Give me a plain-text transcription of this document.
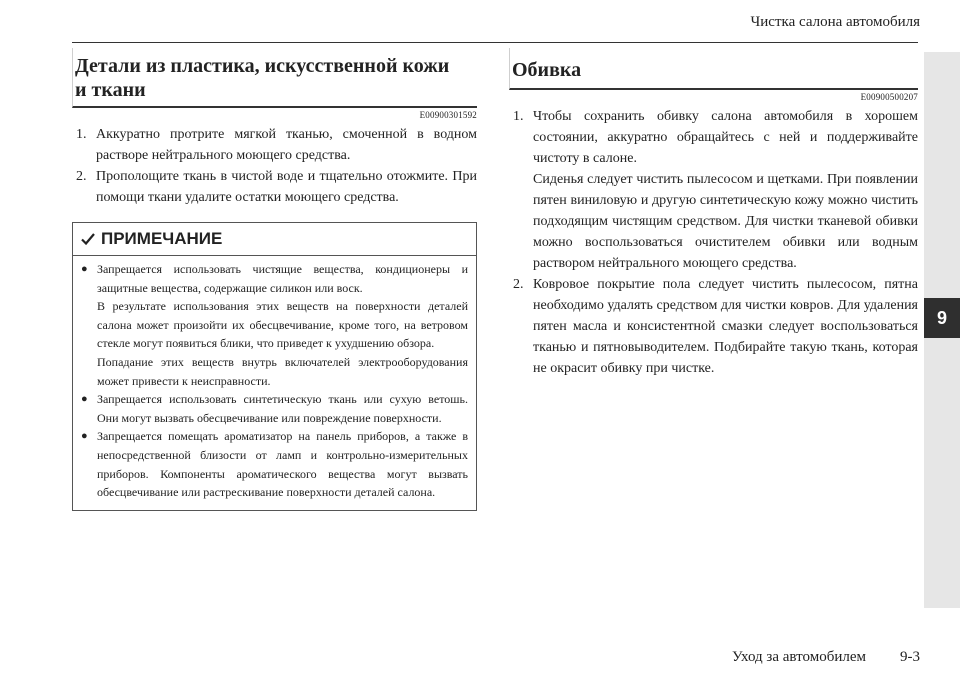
Чистка салона автомобиля
9
Детали из пластика, искусственной кожи
и ткани
E00900301592
1. Аккуратно протрите мягкой тканью, смоченной в водном растворе нейтрального моющего средства.
2. Прополощите ткань в чистой воде и тщательно отожмите. При помощи ткани удалите остатки моющего средства.
ПРИМЕЧАНИЕ
● Запрещается использовать чистящие вещества, кондиционеры и защитные вещества, содержащие силикон или воск.

В результате использования этих веществ на поверхности деталей салона может произойти их обесцвечивание, кроме того, на ветровом стекле могут появиться блики, что приведет к ухудшению обзора.

Попадание этих веществ внутрь включателей электрооборудования может привести к неисправности.

● Запрещается использовать синтетическую ткань или сухую ветошь. Они могут вызвать обесцвечивание или повреждение поверхности.

● Запрещается помещать ароматизатор на панель приборов, а также в непосредственной близости от ламп и контрольно-измерительных приборов. Компоненты ароматического вещества могут вызвать обесцвечивание или растрескивание поверхности деталей салона.

Обивка
E00900500207
1. Чтобы сохранить обивку салона автомобиля в хорошем состоянии, аккуратно обращайтесь с ней и поддерживайте чистоту в салоне.

Сиденья следует чистить пылесосом и щетками. При появлении пятен виниловую и другую синтетическую кожу можно чистить подходящим чистящим средством. Для чистки тканевой обивки можно воспользоваться очистителем обивки или водным раствором нейтрального моющего средства.

2. Ковровое покрытие пола следует чистить пылесосом, пятна необходимо удалять средством для чистки ковров. Для удаления пятен масла и консистентной смазки следует воспользоваться тканью и пятновыводителем. Подбирайте такую ткань, которая не окрасит обивку при чистке.

Уход за автомобилем 9-3
